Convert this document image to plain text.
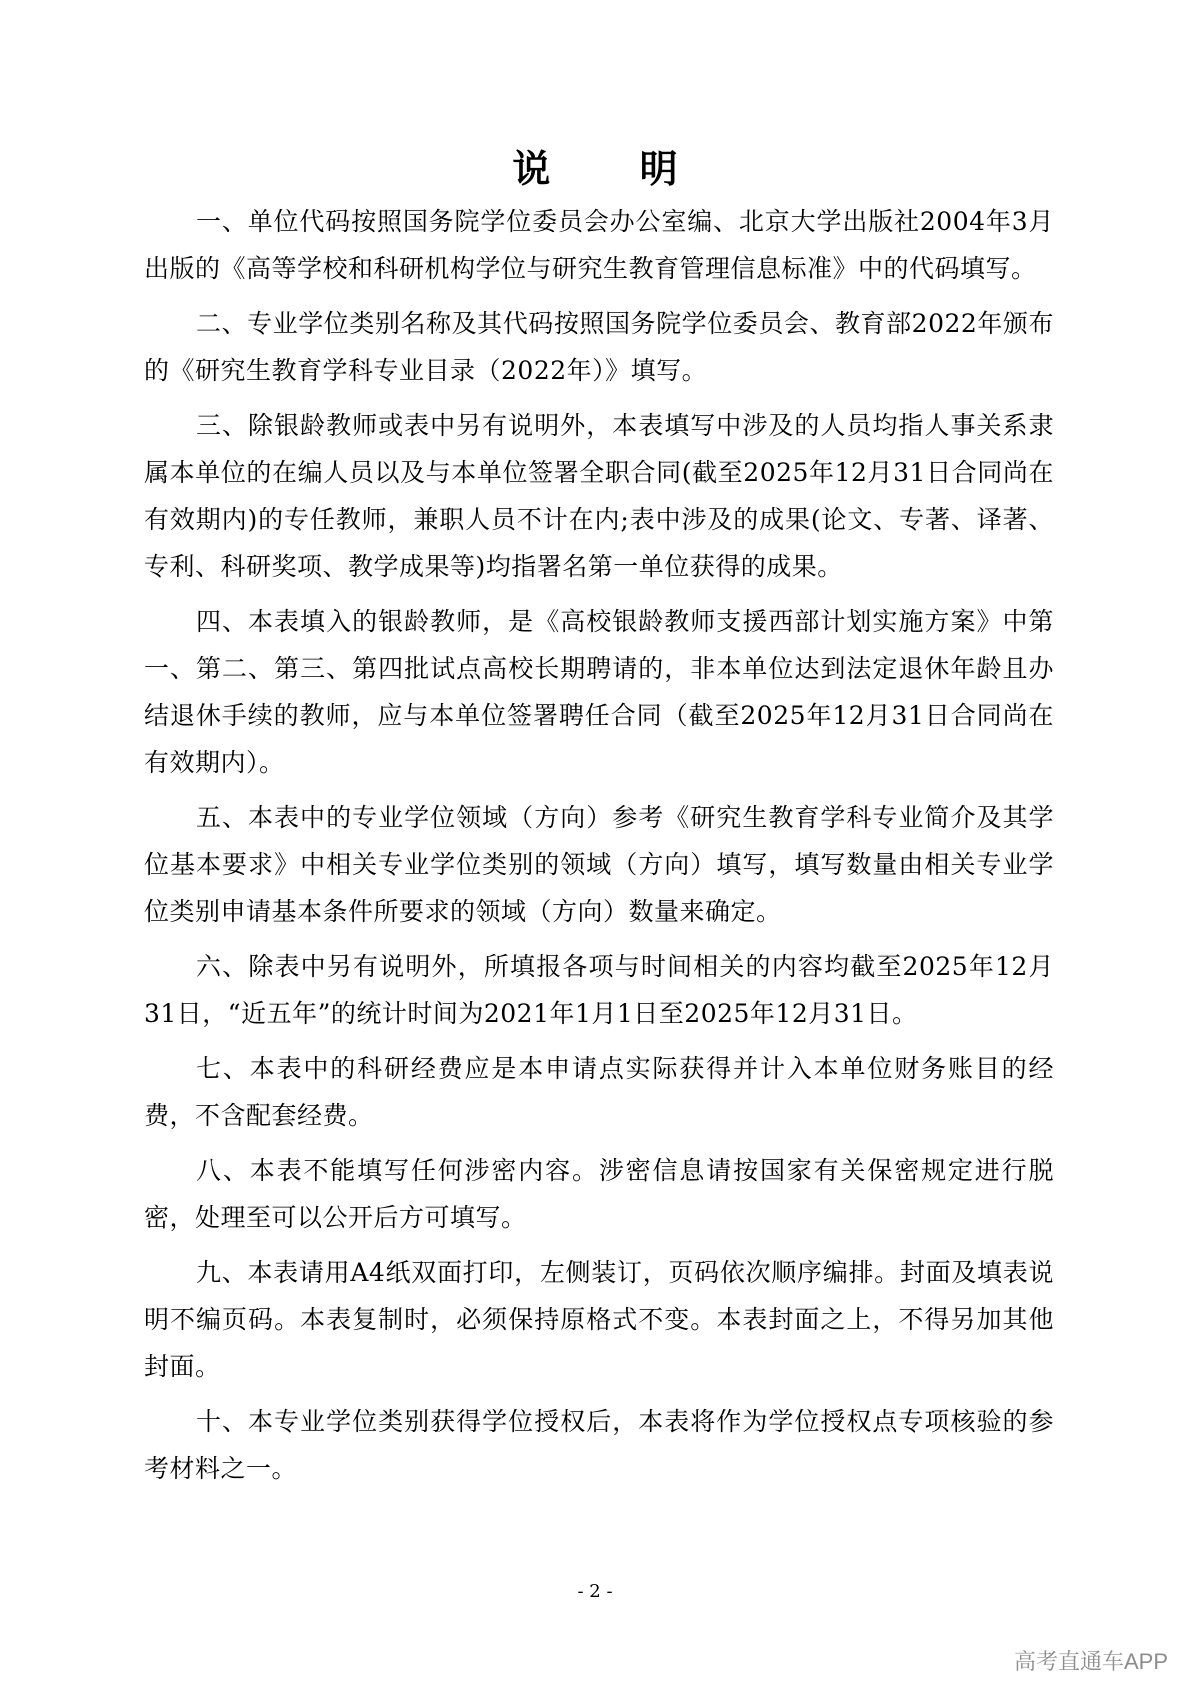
说 明

一、单位代码按照国务院学位委员会办公室编、北京大学出版社2004年3月出版的《高等学校和科研机构学位与研究生教育管理信息标准》中的代码填写。

二、专业学位类别名称及其代码按照国务院学位委员会、教育部2022年颁布的《研究生教育学科专业目录（2022年）》填写。

三、除银龄教师或表中另有说明外，本表填写中涉及的人员均指人事关系隶属本单位的在编人员以及与本单位签署全职合同(截至2025年12月31日合同尚在有效期内)的专任教师，兼职人员不计在内;表中涉及的成果(论文、专著、译著、专利、科研奖项、教学成果等)均指署名第一单位获得的成果。

四、本表填入的银龄教师，是《高校银龄教师支援西部计划实施方案》中第一、第二、第三、第四批试点高校长期聘请的，非本单位达到法定退休年龄且办结退休手续的教师，应与本单位签署聘任合同（截至2025年12月31日合同尚在有效期内）。

五、本表中的专业学位领域（方向）参考《研究生教育学科专业简介及其学位基本要求》中相关专业学位类别的领域（方向）填写，填写数量由相关专业学位类别申请基本条件所要求的领域（方向）数量来确定。

六、除表中另有说明外，所填报各项与时间相关的内容均截至2025年12月31日，“近五年”的统计时间为2021年1月1日至2025年12月31日。

七、本表中的科研经费应是本申请点实际获得并计入本单位财务账目的经费，不含配套经费。

八、本表不能填写任何涉密内容。涉密信息请按国家有关保密规定进行脱密，处理至可以公开后方可填写。

九、本表请用A4纸双面打印，左侧装订，页码依次顺序编排。封面及填表说明不编页码。本表复制时，必须保持原格式不变。本表封面之上，不得另加其他封面。

十、本专业学位类别获得学位授权后，本表将作为学位授权点专项核验的参考材料之一。

- 2 -
高考直通车APP
